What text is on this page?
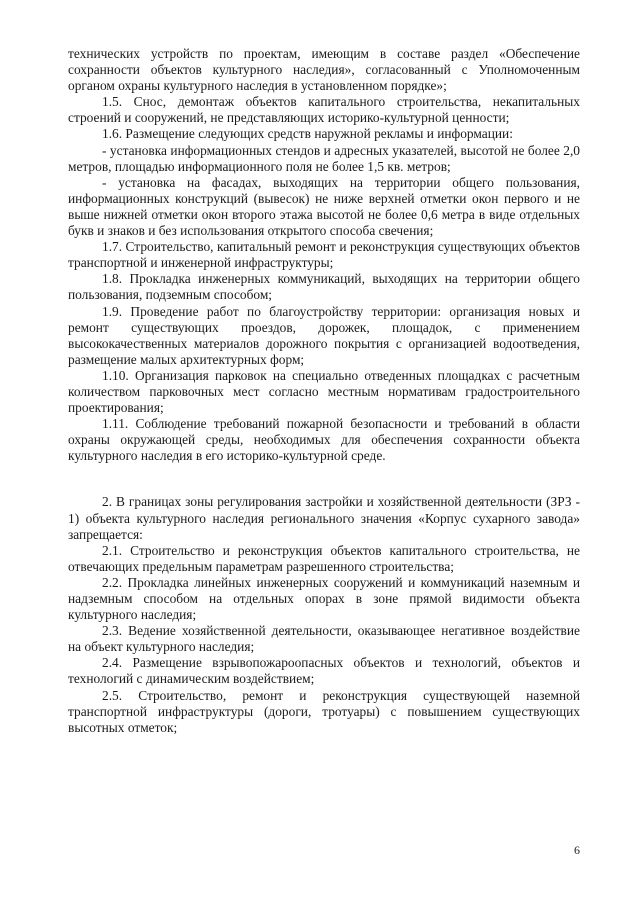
технических устройств по проектам, имеющим в составе раздел «Обеспечение сохранности объектов культурного наследия», согласованный с Уполномоченным органом охраны культурного наследия в установленном порядке»;

1.5. Снос, демонтаж объектов капитального строительства, некапитальных строений и сооружений, не представляющих историко-культурной ценности;

1.6. Размещение следующих средств наружной рекламы и информации:

- установка информационных стендов и адресных указателей, высотой не более 2,0 метров, площадью информационного поля не более 1,5 кв. метров;

- установка на фасадах, выходящих на территории общего пользования, информационных конструкций (вывесок) не ниже верхней отметки окон первого и не выше нижней отметки окон второго этажа высотой не более 0,6 метра в виде отдельных букв и знаков и без использования открытого способа свечения;

1.7. Строительство, капитальный ремонт и реконструкция существующих объектов транспортной и инженерной инфраструктуры;

1.8. Прокладка инженерных коммуникаций, выходящих на территории общего пользования, подземным способом;

1.9. Проведение работ по благоустройству территории: организация новых и ремонт существующих проездов, дорожек, площадок, с применением высококачественных материалов дорожного покрытия с организацией водоотведения, размещение малых архитектурных форм;

1.10. Организация парковок на специально отведенных площадках с расчетным количеством парковочных мест согласно местным нормативам градостроительного проектирования;

1.11. Соблюдение требований пожарной безопасности и требований в области охраны окружающей среды, необходимых для обеспечения сохранности объекта культурного наследия в его историко-культурной среде.

2. В границах зоны регулирования застройки и хозяйственной деятельности (ЗРЗ - 1) объекта культурного наследия регионального значения «Корпус сухарного завода» запрещается:

2.1. Строительство и реконструкция объектов капитального строительства, не отвечающих предельным параметрам разрешенного строительства;

2.2. Прокладка линейных инженерных сооружений и коммуникаций наземным и надземным способом на отдельных опорах в зоне прямой видимости объекта культурного наследия;

2.3. Ведение хозяйственной деятельности, оказывающее негативное воздействие на объект культурного наследия;

2.4. Размещение взрывопожароопасных объектов и технологий, объектов и технологий с динамическим воздействием;

2.5. Строительство, ремонт и реконструкция существующей наземной транспортной инфраструктуры (дороги, тротуары) с повышением существующих высотных отметок;

6
